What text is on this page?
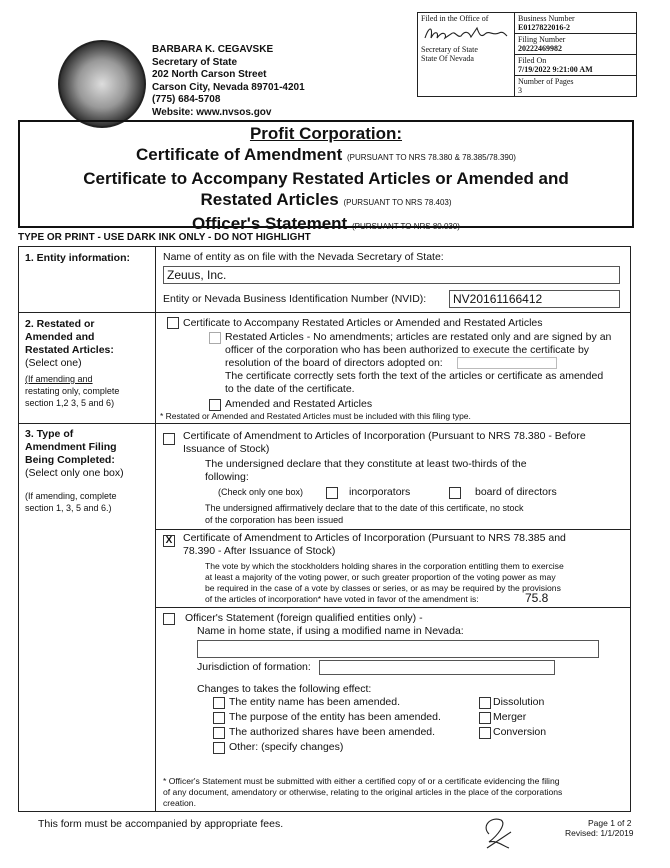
BARBARA K. CEGAVSKE
Secretary of State
202 North Carson Street
Carson City, Nevada 89701-4201
(775) 684-5708
Website: www.nvsos.gov
Filed in the Office of
Secretary of State
State Of Nevada

Business Number
E0127822016-2

Filing Number
20222469982

Filed On
7/19/2022 9:21:00 AM

Number of Pages
3
Profit Corporation:
Certificate of Amendment (PURSUANT TO NRS 78.380 & 78.385/78.390)
Certificate to Accompany Restated Articles or Amended and
Restated Articles (PURSUANT TO NRS 78.403)
Officer's Statement (PURSUANT TO NRS 80.030)
TYPE OR PRINT - USE DARK INK ONLY - DO NOT HIGHLIGHT
1. Entity information:	Name of entity as on file with the Nevada Secretary of State:
Zeuus, Inc.
Entity or Nevada Business Identification Number (NVID):	NV20161166412
2. Restated or
Amended and
Restated Articles:
(Select one)
(If amending and
restating only, complete
section 1,2 3, 5 and 6)
Certificate to Accompany Restated Articles or Amended and Restated Articles
Restated Articles - No amendments; articles are restated only and are signed by an
officer of the corporation who has been authorized to execute the certificate by
resolution of the board of directors adopted on:
The certificate correctly sets forth the text of the articles or certificate as amended
to the date of the certificate.
Amended and Restated Articles
* Restated or Amended and Restated Articles must be included with this filing type.
3. Type of
Amendment Filing
Being Completed:
(Select only one box)
(If amending, complete
section 1, 3, 5 and 6.)
Certificate of Amendment to Articles of Incorporation (Pursuant to NRS 78.380 - Before
Issuance of Stock)
The undersigned declare that they constitute at least two-thirds of the
following:
(Check only one box)	incorporators	board of directors
The undersigned affirmatively declare that to the date of this certificate, no stock
of the corporation has been issued
X Certificate of Amendment to Articles of Incorporation (Pursuant to NRS 78.385 and
78.390 - After Issuance of Stock)
The vote by which the stockholders holding shares in the corporation entitling them to exercise
at least a majority of the voting power, or such greater proportion of the voting power as may
be required in the case of a vote by classes or series, or as may be required by the provisions
of the articles of incorporation* have voted in favor of the amendment is:	75.8
Officer's Statement (foreign qualified entities only) -
Name in home state, if using a modified name in Nevada:
Jurisdiction of formation:
Changes to takes the following effect:
The entity name has been amended.
The purpose of the entity has been amended.
The authorized shares have been amended.
Other: (specify changes)
Dissolution
Merger
Conversion
* Officer's Statement must be submitted with either a certified copy of or a certificate evidencing the filing
of any document, amendatory or otherwise, relating to the original articles in the place of the corporations
creation.
This form must be accompanied by appropriate fees.	Page 1 of 2
Revised: 1/1/2019
